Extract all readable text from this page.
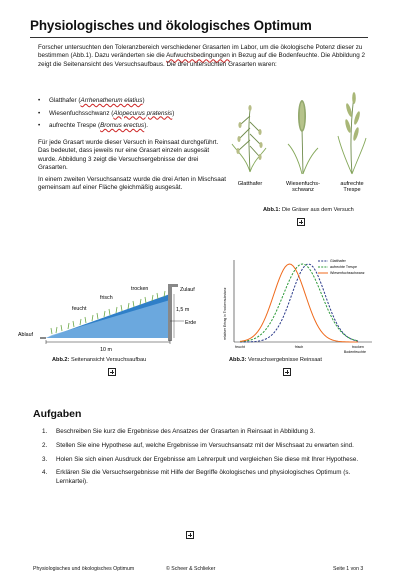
Physiologisches und ökologisches Optimum

Forscher untersuchten den Toleranzbereich verschiedener Grasarten im Labor, um die ökologische Potenz dieser zu bestimmen (Abb.1). Dazu veränderten sie die Aufwuchsbedingungen in Bezug auf die Bodenfeuchte. Die Abbildung 2 zeigt die Seitenansicht des Versuchsaufbaus. Die drei untersuchten Grasarten waren:

• Glatthafer (Arrhenatherum elatius)
• Wiesenfuchsschwanz (Alopecurus pratensis)
• aufrechte Trespe (Bromus erectus).

Für jede Grasart wurde dieser Versuch in Reinsaat durchgeführt. Das bedeutet, dass jeweils nur eine Grasart einzeln ausgesät wurde. Abbildung 3 zeigt die Versuchsergebnisse der drei Grasarten.

In einem zweiten Versuchsansatz wurde die drei Arten in Mischsaat gemeinsam auf einer Fläche gleichmäßig ausgesät.

Glatthafer	Wiesenfuchs-schwanz
aufrechte Trespe
Abb.1: Die Gräser aus dem Versuch
trocken
frisch
feucht
Zulauf
Ablauf
1,5 m
Erde
10 m
Abb.2: Seitenansicht Versuchsaufbau
relativer Ertrag in Trockensubstanz
Bodenfeuchte
feucht	frisch	trocken
Glatthafer
aufrechte Trespe
Wiesenfuchsschwanz
Abb.3: Versuchsergebnisse Reinsaat
Aufgaben
1. Beschreiben Sie kurz die Ergebnisse des Ansatzes der Grasarten in Reinsaat in Abbildung 3.
2. Stellen Sie eine Hypothese auf, welche Ergebnisse im Versuchsansatz mit der Mischsaat zu erwarten sind.
3. Holen Sie sich einen Ausdruck der Ergebnisse am Lehrerpult und vergleichen Sie diese mit Ihrer Hypothese.
4. Erklären Sie die Versuchsergebnisse mit Hilfe der Begriffe ökologisches und physiologisches Optimum (s. Lernkartei).
Physiologisches und ökologisches Optimum	© Scheer & Schlieker	Seite 1 von 3
